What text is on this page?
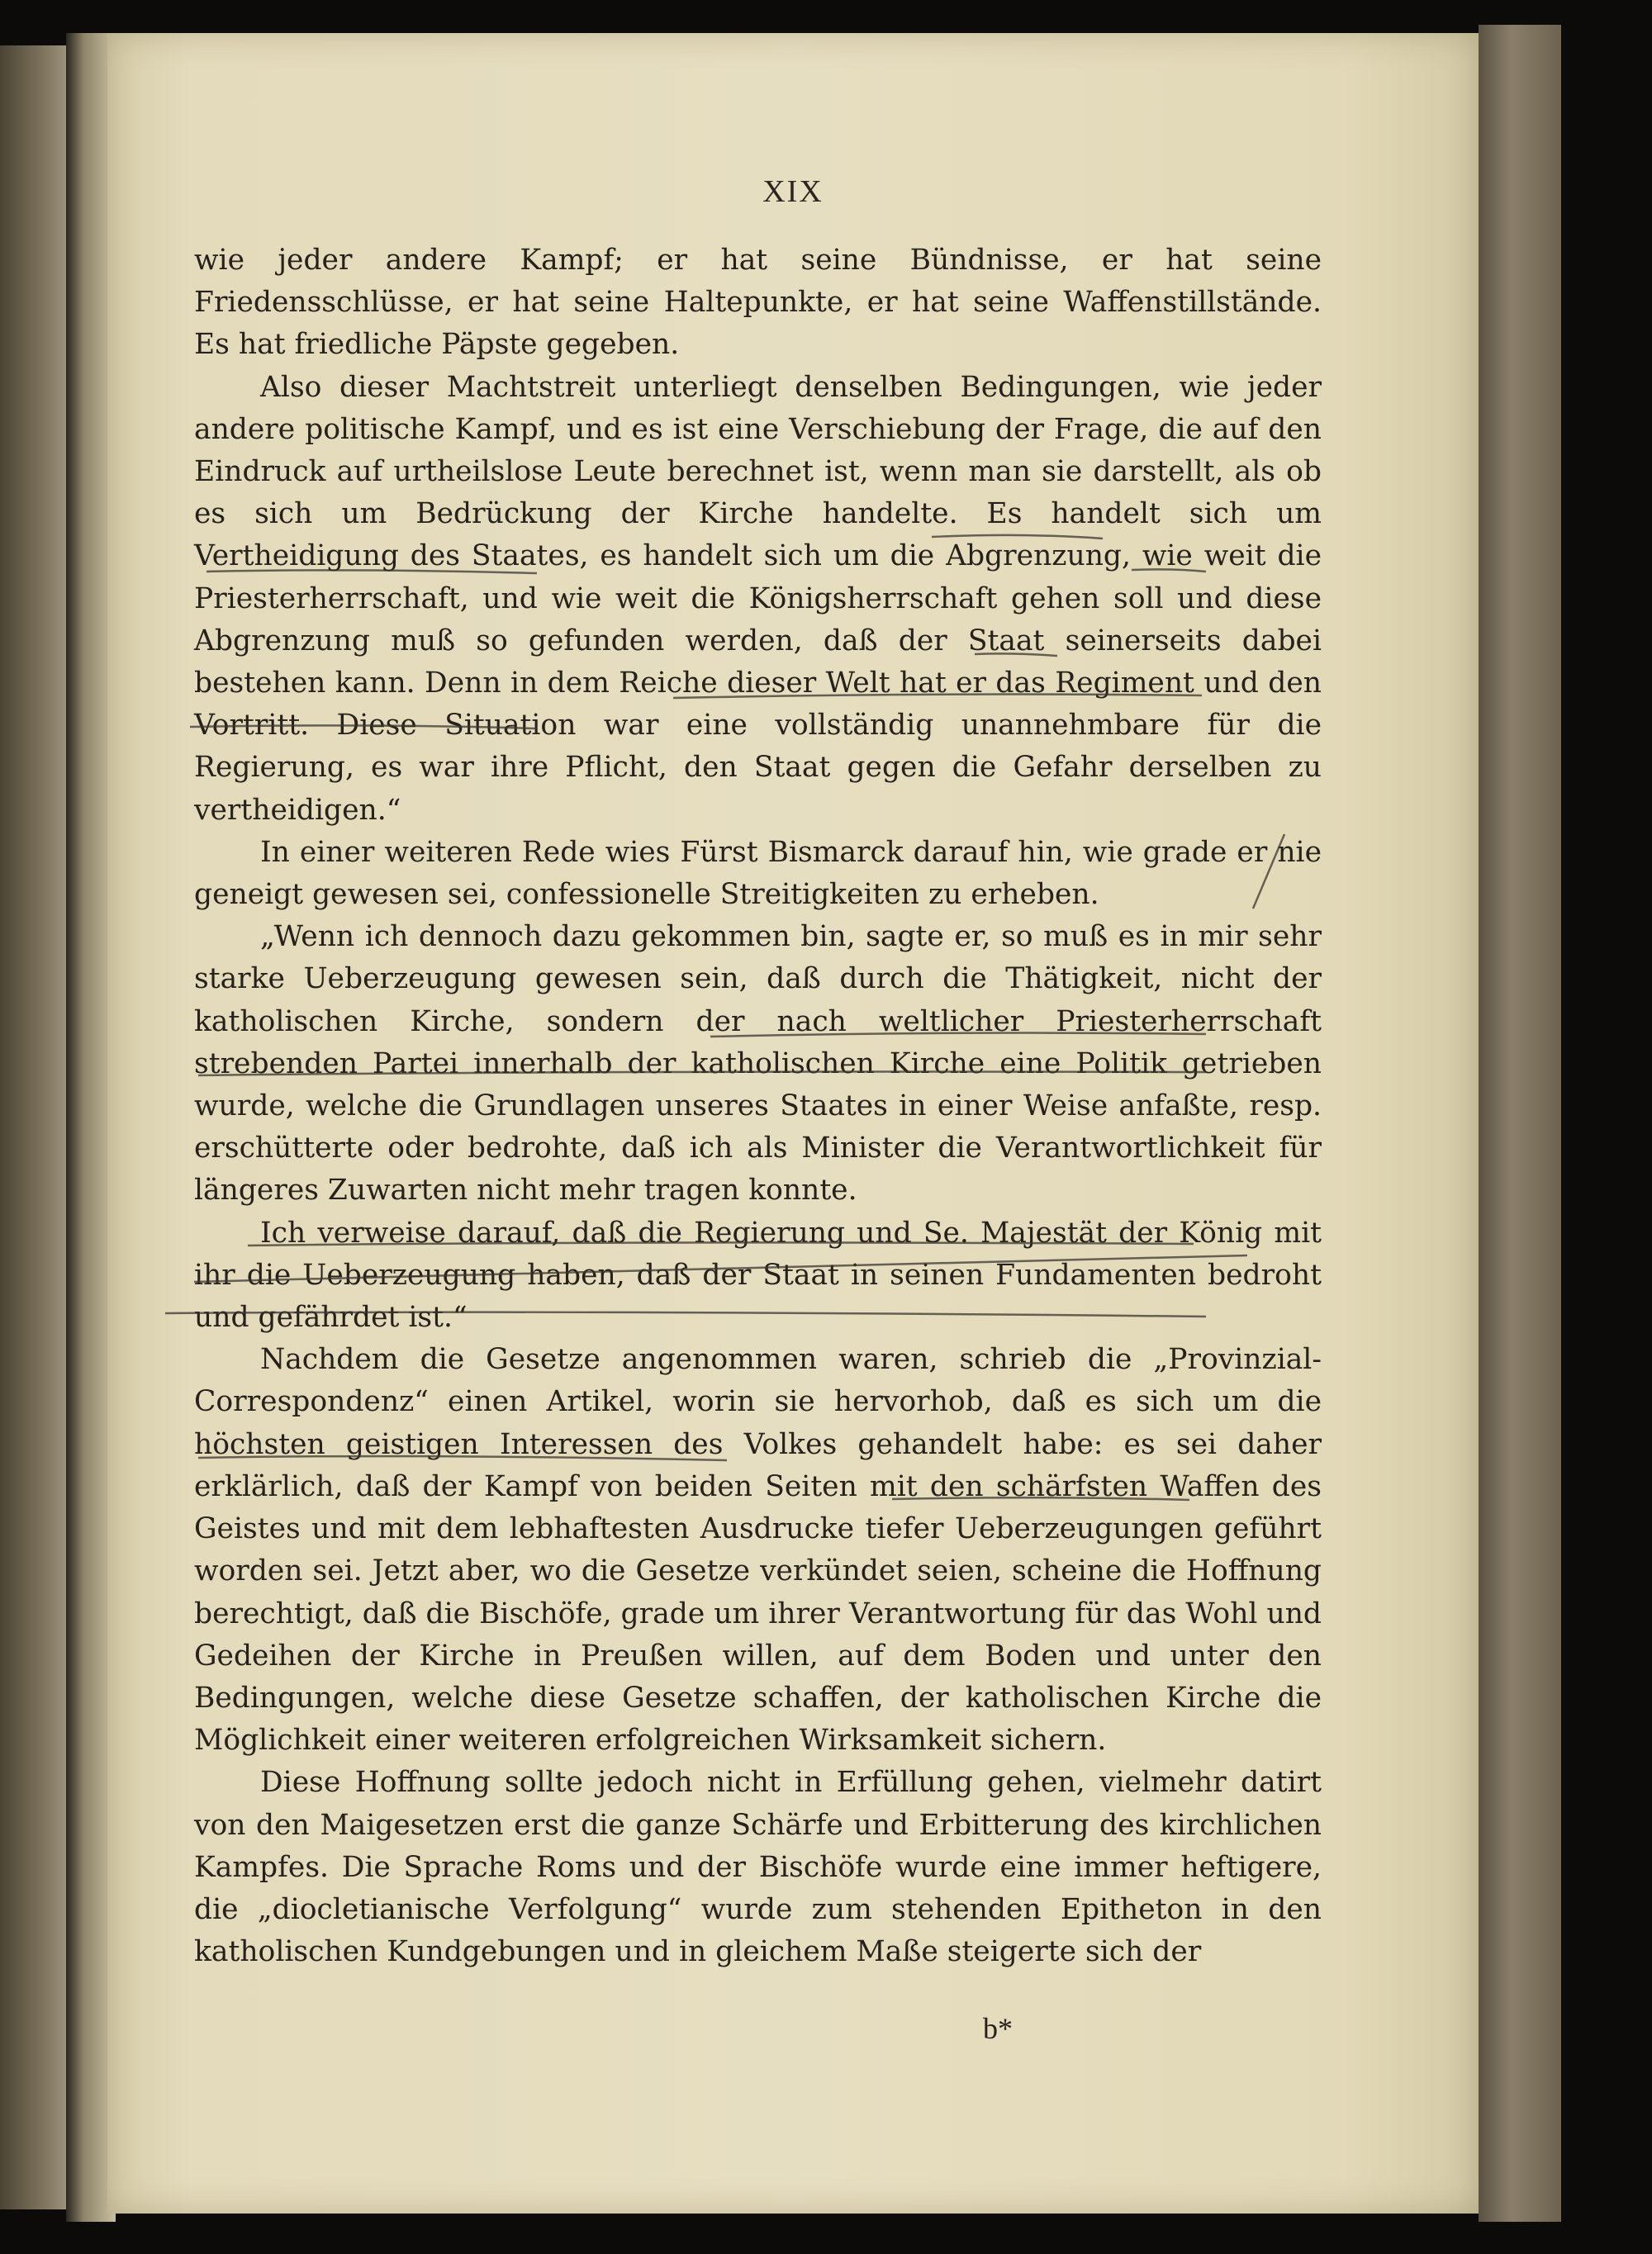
XIX

wie jeder andere Kampf; er hat seine Bündnisse, er hat seine Friedensschlüsse, er hat seine Haltepunkte, er hat seine Waffenstillstände. Es hat friedliche Päpste gegeben.

Also dieser Machtstreit unterliegt denselben Bedingungen, wie jeder andere politische Kampf, und es ist eine Verschiebung der Frage, die auf den Eindruck auf urtheilslose Leute berechnet ist, wenn man sie darstellt, als ob es sich um Bedrückung der Kirche handelte. Es handelt sich um Vertheidigung des Staates, es handelt sich um die Abgrenzung, wie weit die Priesterherrschaft, und wie weit die Königsherrschaft gehen soll und diese Abgrenzung muß so gefunden werden, daß der Staat seinerseits dabei bestehen kann. Denn in dem Reiche dieser Welt hat er das Regiment und den Vortritt. Diese Situation war eine vollständig unannehmbare für die Regierung, es war ihre Pflicht, den Staat gegen die Gefahr derselben zu vertheidigen.“

In einer weiteren Rede wies Fürst Bismarck darauf hin, wie grade er nie geneigt gewesen sei, confessionelle Streitigkeiten zu erheben.

„Wenn ich dennoch dazu gekommen bin, sagte er, so muß es in mir sehr starke Ueberzeugung gewesen sein, daß durch die Thätigkeit, nicht der katholischen Kirche, sondern der nach weltlicher Priesterherrschaft strebenden Partei innerhalb der katholischen Kirche eine Politik getrieben wurde, welche die Grundlagen unseres Staates in einer Weise anfaßte, resp. erschütterte oder bedrohte, daß ich als Minister die Verantwortlichkeit für längeres Zuwarten nicht mehr tragen konnte.

Ich verweise darauf, daß die Regierung und Se. Majestät der König mit ihr die Ueberzeugung haben, daß der Staat in seinen Fundamenten bedroht und gefährdet ist.“

Nachdem die Gesetze angenommen waren, schrieb die „Provinzial-Correspondenz“ einen Artikel, worin sie hervorhob, daß es sich um die höchsten geistigen Interessen des Volkes gehandelt habe: es sei daher erklärlich, daß der Kampf von beiden Seiten mit den schärfsten Waffen des Geistes und mit dem lebhaftesten Ausdrucke tiefer Ueberzeugungen geführt worden sei. Jetzt aber, wo die Gesetze verkündet seien, scheine die Hoffnung berechtigt, daß die Bischöfe, grade um ihrer Verantwortung für das Wohl und Gedeihen der Kirche in Preußen willen, auf dem Boden und unter den Bedingungen, welche diese Gesetze schaffen, der katholischen Kirche die Möglichkeit einer weiteren erfolgreichen Wirksamkeit sichern.

Diese Hoffnung sollte jedoch nicht in Erfüllung gehen, vielmehr datirt von den Maigesetzen erst die ganze Schärfe und Erbitterung des kirchlichen Kampfes. Die Sprache Roms und der Bischöfe wurde eine immer heftigere, die „diocletianische Verfolgung“ wurde zum stehenden Epitheton in den katholischen Kundgebungen und in gleichem Maße steigerte sich der

b*
